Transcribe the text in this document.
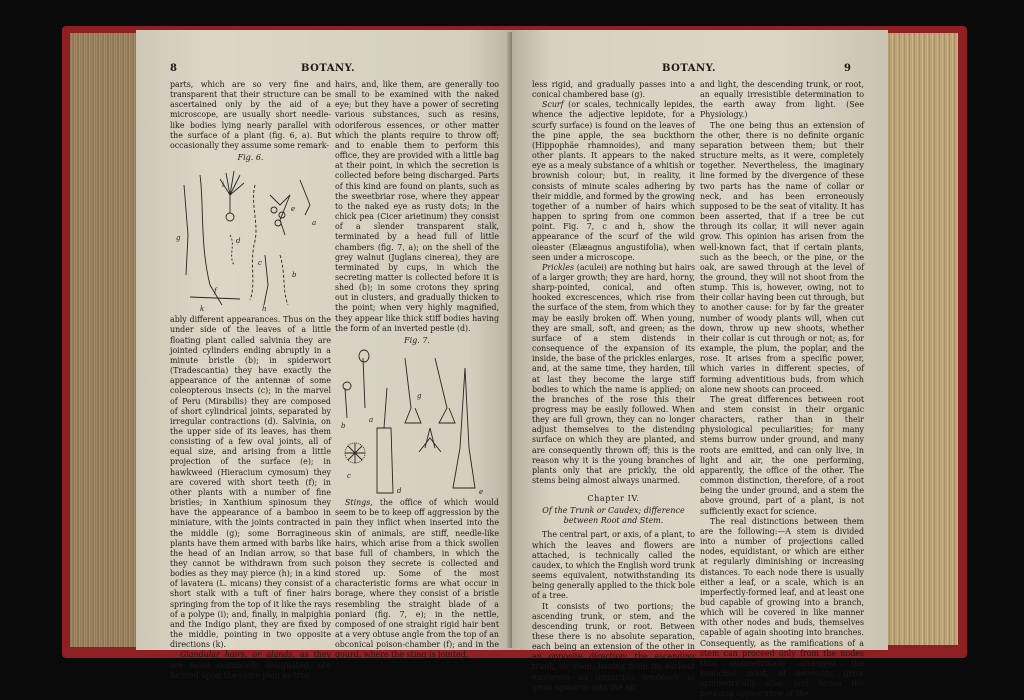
8	BOTANY.

parts, which are so very fine and transparent that their structure can be ascertained only by the aid of a microscope, are usually short needle-like bodies lying nearly parallel with the surface of a plant (fig. 6, a). But occasionally they assume some remark-

Fig. 6.
g
a
d
e
i
c
b
k
f
h

ably different appearances. Thus on the under side of the leaves of a little floating plant called salvinia they are jointed cylinders ending abruptly in a minute bristle (b); in spiderwort (Tradescantia) they have exactly the appearance of the antennæ of some coleopterous insects (c); in the marvel of Peru (Mirabilis) they are composed of short cylindrical joints, separated by irregular contractions (d). Salvinia, on the upper side of its leaves, has them consisting of a few oval joints, all of equal size, and arising from a little projection of the surface (e); in hawkweed (Hieracium cymosum) they are covered with short teeth (f); in other plants with a number of fine bristles; in Xanthium spinosum they have the appearance of a bamboo in miniature, with the joints contracted in the middle (g); some Borragineous plants have them armed with barbs like the head of an Indian arrow, so that they cannot be withdrawn from such bodies as they may pierce (h); in a kind of lavatera (L. micans) they consist of a short stalk with a tuft of finer hairs springing from the top of it like the rays of a polype (i); and, finally, in malpighia and the Indigo plant, they are fixed by the middle, pointing in two opposite directions (k).

Glandular hairs, or glands, as they are more commonly designated, are formed upon the same plan as true

hairs, and, like them, are generally too small to be examined with the naked eye; but they have a power of secreting various substances, such as resins, odoriferous essences, or other matter which the plants require to throw off; and to enable them to perform this office, they are provided with a little bag at their point, in which the secretion is collected before being discharged. Parts of this kind are found on plants, such as the sweetbriar rose, where they appear to the naked eye as rusty dots; in the chick pea (Cicer arietinum) they consist of a slender transparent stalk, terminated by a head full of little chambers (fig. 7, a); on the shell of the grey walnut (Juglans cinerea), they are terminated by cups, in which the secreting matter is collected before it is shed (b); in some crotons they spring out in clusters, and gradually thicken to the point; when very highly magnified, they appear like thick stiff bodies having the form of an inverted pestle (d).

Fig. 7.
b
a
g
c
d	e

Stings, the office of which would seem to be to keep off aggression by the pain they inflict when inserted into the skin of animals, are stiff, needle-like hairs, which arise from a thick swollen base full of chambers, in which the poison they secrete is collected and stored up. Some of the most characteristic forms are what occur in borage, where they consist of a bristle resembling the straight blade of a poniard (fig. 7, e); in the nettle, composed of one straight rigid hair bent at a very obtuse angle from the top of an obconical poison-chamber (f); and in the gourd, where the sting is jointed,

BOTANY.	9

less rigid, and gradually passes into a conical chambered base (g).

Scurf (or scales, technically lepides, whence the adjective lepidote, for a scurfy surface) is found on the leaves of the pine apple, the sea buckthorn (Hippophäe rhamnoides), and many other plants. It appears to the naked eye as a mealy substance of a whitish or brownish colour; but, in reality, it consists of minute scales adhering by their middle, and formed by the growing together of a number of hairs which happen to spring from one common point. Fig. 7, c and h, show the appearance of the scurf of the wild oleaster (Elæagnus angustifolia), when seen under a microscope.

Prickles (aculei) are nothing but hairs of a larger growth; they are hard, horny, sharp-pointed, conical, and often hooked excrescences, which rise from the surface of the stem, from which they may be easily broken off. When young, they are small, soft, and green; as the surface of a stem distends in consequence of the expansion of its inside, the base of the prickles enlarges, and, at the same time, they harden, till at last they become the large stiff bodies to which the name is applied; on the branches of the rose this their progress may be easily followed. When they are full grown, they can no longer adjust themselves to the distending surface on which they are planted, and are consequently thrown off; this is the reason why it is the young branches of plants only that are prickly, the old stems being almost always unarmed.

Chapter IV.
Of the Trunk or Caudex; difference between Root and Stem.

The central part, or axis, of a plant, to which the leaves and flowers are attached, is technically called the caudex, to which the English word trunk seems equivalent, notwithstanding its being generally applied to the thick bole of a tree.

It consists of two portions; the ascending trunk, or stem, and the descending trunk, or root. Between these there is no absolute separation, each being an extension of the other in an opposite direction; the ascending trunk, or stem, having from its earliest existence an invincible tendency to grow upwards into the air

and light, the descending trunk, or root, an equally irresistible determination to the earth away from light. (See Physiology.)

The one being thus an extension of the other, there is no definite organic separation between them; but their structure melts, as it were, completely together. Nevertheless, the imaginary line formed by the divergence of these two parts has the name of collar or neck, and has been erroneously supposed to be the seat of vitality. It has been asserted, that if a tree be cut through its collar, it will never again grow. This opinion has arisen from the well-known fact, that if certain plants, such as the beech, or the pine, or the oak, are sawed through at the level of the ground, they will not shoot from the stump. This is, however, owing, not to their collar having been cut through, but to another cause: for by far the greater number of woody plants will, when cut down, throw up new shoots, whether their collar is cut through or not; as, for example, the plum, the poplar, and the rose. It arises from a specific power, which varies in different species, of forming adventitious buds, from which alone new shoots can proceed.

The great differences between root and stem consist in their organic characters, rather than in their physiological peculiarities; for many stems burrow under ground, and many roots are emitted, and can only live, in light and air, the one performing, apparently, the office of the other. The common distinction, therefore, of a root being the under ground, and a stem the above ground, part of a plant, is not sufficiently exact for science.

The real distinctions between them are the following:—A stem is divided into a number of projections called nodes, equidistant, or which are either at regularly diminishing or increasing distances. To each node there is usually either a leaf, or a scale, which is an imperfectly-formed leaf, and at least one bud capable of growing into a branch, which will be covered in like manner with other nodes and buds, themselves capable of again shooting into branches. Consequently, as the ramifications of a stem can proceed only from the nodes thus symmetrically arranged, the branches must, of necessity, grow symmetrically also; and hence the pleasing appearance of the
